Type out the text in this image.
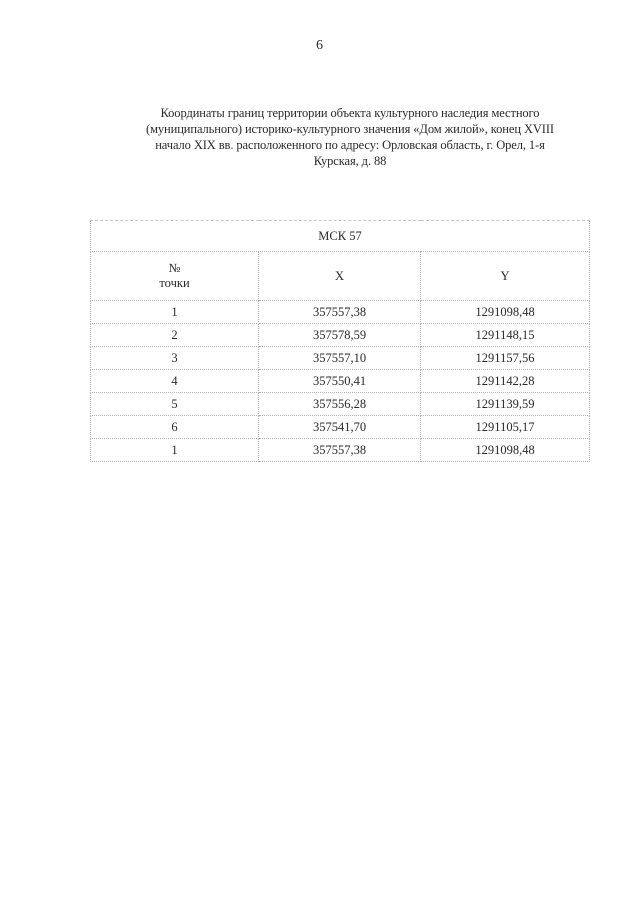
6
Координаты границ территории объекта культурного наследия местного
(муниципального) историко-культурного значения «Дом жилой», конец XVIII
начало XIX вв. расположенного по адресу: Орловская область, г. Орел, 1-я
Курская, д. 88
МСК 57		

№
точки	X	Y
1	357557,38	1291098,48
2	357578,59	1291148,15
3	357557,10	1291157,56
4	357550,41	1291142,28
5	357556,28	1291139,59
6	357541,70	1291105,17
1	357557,38	1291098,48
